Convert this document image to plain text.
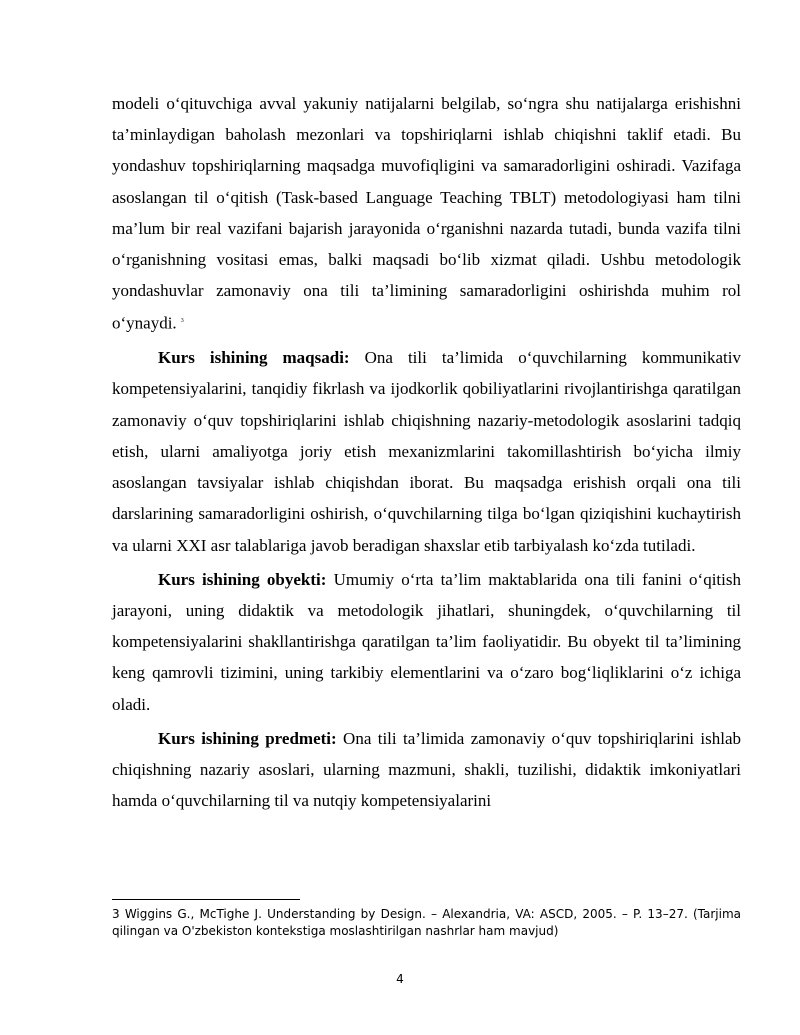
modeli o‘qituvchiga avval yakuniy natijalarni belgilab, so‘ngra shu natijalarga erishishni ta’minlaydigan baholash mezonlari va topshiriqlarni ishlab chiqishni taklif etadi. Bu yondashuv topshiriqlarning maqsadga muvofiqligini va samaradorligini oshiradi. Vazifaga asoslangan til o‘qitish (Task-based Language Teaching TBLT) metodologiyasi ham tilni ma’lum bir real vazifani bajarish jarayonida o‘rganishni nazarda tutadi, bunda vazifa tilni o‘rganishning vositasi emas, balki maqsadi bo‘lib xizmat qiladi. Ushbu metodologik yondashuvlar zamonaviy ona tili ta’limining samaradorligini oshirishda muhim rol o‘ynaydi. $^3$

Kurs ishining maqsadi: Ona tili ta’limida o‘quvchilarning kommunikativ kompetensiyalarini, tanqidiy fikrlash va ijodkorlik qobiliyatlarini rivojlantirishga qaratilgan zamonaviy o‘quv topshiriqlarini ishlab chiqishning nazariy-metodologik asoslarini tadqiq etish, ularni amaliyotga joriy etish mexanizmlarini takomillashtirish bo‘yicha ilmiy asoslangan tavsiyalar ishlab chiqishdan iborat. Bu maqsadga erishish orqali ona tili darslarining samaradorligini oshirish, o‘quvchilarning tilga bo‘lgan qiziqishini kuchaytirish va ularni XXI asr talablariga javob beradigan shaxslar etib tarbiyalash ko‘zda tutiladi.

Kurs ishining obyekti: Umumiy o‘rta ta’lim maktablarida ona tili fanini o‘qitish jarayoni, uning didaktik va metodologik jihatlari, shuningdek, o‘quvchilarning til kompetensiyalarini shakllantirishga qaratilgan ta’lim faoliyatidir. Bu obyekt til ta’limining keng qamrovli tizimini, uning tarkibiy elementlarini va o‘zaro bog‘liqliklarini o‘z ichiga oladi.

Kurs ishining predmeti: Ona tili ta’limida zamonaviy o‘quv topshiriqlarini ishlab chiqishning nazariy asoslari, ularning mazmuni, shakli, tuzilishi, didaktik imkoniyatlari hamda o‘quvchilarning til va nutqiy kompetensiyalarini

3 Wiggins G., McTighe J. Understanding by Design. – Alexandria, VA: ASCD, 2005. – P. 13–27. (Tarjima qilingan va O'zbekiston kontekstiga moslashtirilgan nashrlar ham mavjud)
4
